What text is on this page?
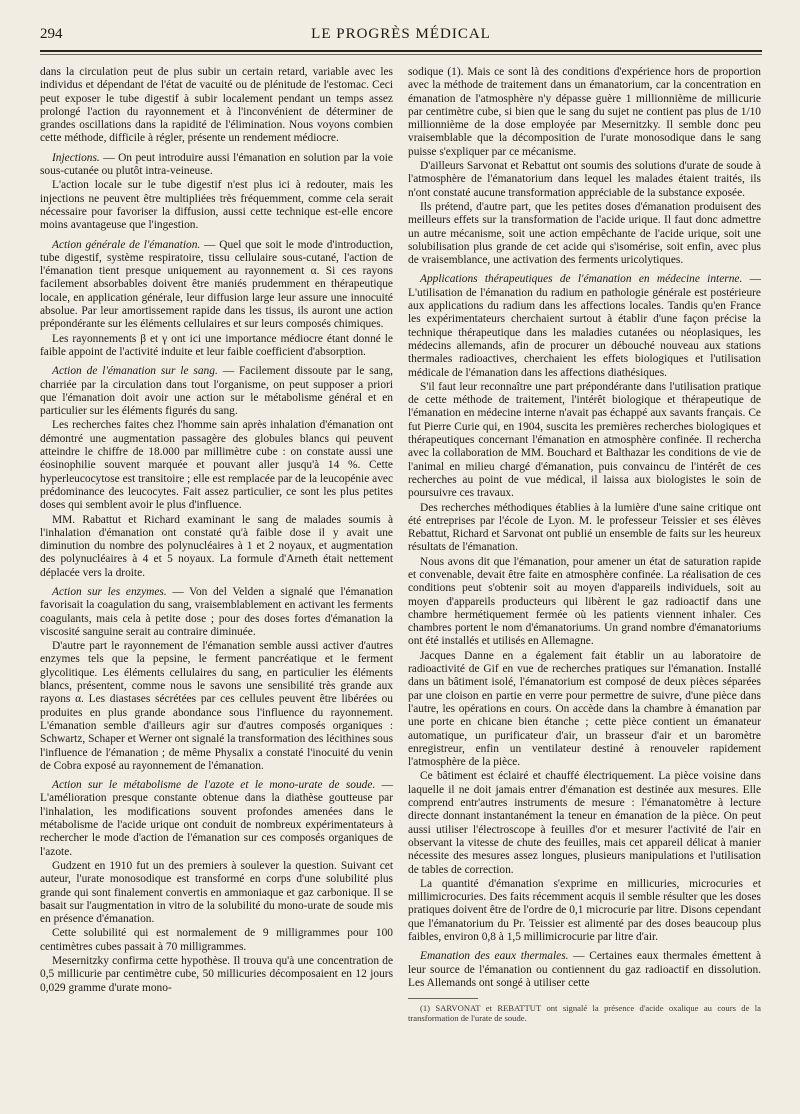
294	LE PROGRÈS MÉDICAL

dans la circulation peut de plus subir un certain retard, variable avec les individus et dépendant de l'état de vacuité ou de plénitude de l'estomac. Ceci peut exposer le tube digestif à subir localement pendant un temps assez prolongé l'action du rayonnement et à l'inconvénient de déterminer de grandes oscillations dans la rapidité de l'élimination. Nous voyons combien cette méthode, difficile à régler, présente un rendement médiocre.

Injections. — On peut introduire aussi l'émanation en solution par la voie sous-cutanée ou plutôt intra-veineuse.

L'action locale sur le tube digestif n'est plus ici à redouter, mais les injections ne peuvent être multipliées très fréquemment, comme cela serait nécessaire pour favoriser la diffusion, aussi cette technique est-elle encore moins avantageuse que l'ingestion.

Action générale de l'émanation. — Quel que soit le mode d'introduction, tube digestif, système respiratoire, tissu cellulaire sous-cutané, l'action de l'émanation tient presque uniquement au rayonnement α. Si ces rayons facilement absorbables doivent être maniés prudemment en thérapeutique locale, en application générale, leur diffusion large leur assure une innocuité absolue. Par leur amortissement rapide dans les tissus, ils auront une action prépondérante sur les éléments cellulaires et sur leurs composés chimiques.

Les rayonnements β et γ ont ici une importance médiocre étant donné le faible appoint de l'activité induite et leur faible coefficient d'absorption.

Action de l'émanation sur le sang. — Facilement dissoute par le sang, charriée par la circulation dans tout l'organisme, on peut supposer a priori que l'émanation doit avoir une action sur le métabolisme général et en particulier sur les éléments figurés du sang.

Les recherches faites chez l'homme sain après inhalation d'émanation ont démontré une augmentation passagère des globules blancs qui peuvent atteindre le chiffre de 18.000 par millimètre cube : on constate aussi une éosinophilie souvent marquée et pouvant aller jusqu'à 14 %. Cette hyperleucocytose est transitoire ; elle est remplacée par de la leucopénie avec prédominance des leucocytes. Fait assez particulier, ce sont les plus petites doses qui semblent avoir le plus d'influence.

MM. Rabattut et Richard examinant le sang de malades soumis à l'inhalation d'émanation ont constaté qu'à faible dose il y avait une diminution du nombre des polynucléaires à 1 et 2 noyaux, et augmentation des polynucléaires à 4 et 5 noyaux. La formule d'Arneth était nettement déplacée vers la droite.

Action sur les enzymes. — Von del Velden a signalé que l'émanation favorisait la coagulation du sang, vraisemblablement en activant les ferments coagulants, mais cela à petite dose ; pour des doses fortes d'émanation la viscosité sanguine serait au contraire diminuée.

D'autre part le rayonnement de l'émanation semble aussi activer d'autres enzymes tels que la pepsine, le ferment pancréatique et le ferment glycolitique. Les éléments cellulaires du sang, en particulier les éléments blancs, présentent, comme nous le savons une sensibilité très grande aux rayons α. Les diastases sécrétées par ces cellules peuvent être libérées ou produites en plus grande abondance sous l'influence du rayonnement. L'émanation semble d'ailleurs agir sur d'autres composés organiques : Schwartz, Schaper et Werner ont signalé la transformation des lécithines sous l'influence de l'émanation ; de même Physalix a constaté l'inocuité du venin de Cobra exposé au rayonnement de l'émanation.

Action sur le métabolisme de l'azote et le mono-urate de soude. — L'amélioration presque constante obtenue dans la diathèse goutteuse par l'inhalation, les modifications souvent profondes amenées dans le métabolisme de l'acide urique ont conduit de nombreux expérimentateurs à rechercher le mode d'action de l'émanation sur ces composés organiques de l'azote.

Gudzent en 1910 fut un des premiers à soulever la question. Suivant cet auteur, l'urate monosodique est transformé en corps d'une solubilité plus grande qui sont finalement convertis en ammoniaque et gaz carbonique. Il se basait sur l'augmentation in vitro de la solubilité du mono-urate de soude mis en présence d'émanation.

Cette solubilité qui est normalement de 9 milligrammes pour 100 centimètres cubes passait à 70 milligrammes.

Mesernitzky confirma cette hypothèse. Il trouva qu'à une concentration de 0,5 millicurie par centimètre cube, 50 millicuries décomposaient en 12 jours 0,029 gramme d'urate mono-

sodique (1). Mais ce sont là des conditions d'expérience hors de proportion avec la méthode de traitement dans un émanatorium, car la concentration en émanation de l'atmosphère n'y dépasse guère 1 millionnième de millicurie par centimètre cube, si bien que le sang du sujet ne contient pas plus de 1/10 millionnième de la dose employée par Mesernitzky. Il semble donc peu vraisemblable que la décomposition de l'urate monosodique dans le sang puisse s'expliquer par ce mécanisme.

D'ailleurs Sarvonat et Rebattut ont soumis des solutions d'urate de soude à l'atmosphère de l'émanatorium dans lequel les malades étaient traités, ils n'ont constaté aucune transformation appréciable de la substance exposée.

Ils prétend, d'autre part, que les petites doses d'émanation produisent des meilleurs effets sur la transformation de l'acide urique. Il faut donc admettre un autre mécanisme, soit une action empêchante de l'acide urique, soit une solubilisation plus grande de cet acide qui s'isomérise, soit enfin, avec plus de vraisemblance, une activation des ferments uricolytiques.

Applications thérapeutiques de l'émanation en médecine interne. — L'utilisation de l'émanation du radium en pathologie générale est postérieure aux applications du radium dans les affections locales. Tandis qu'en France les expérimentateurs cherchaient surtout à établir d'une façon précise la technique thérapeutique dans les maladies cutanées ou néoplasiques, les médecins allemands, afin de procurer un débouché nouveau aux stations thermales radioactives, cherchaient les effets biologiques et l'utilisation médicale de l'émanation dans les affections diathésiques.

S'il faut leur reconnaître une part prépondérante dans l'utilisation pratique de cette méthode de traitement, l'intérêt biologique et thérapeutique de l'émanation en médecine interne n'avait pas échappé aux savants français. Ce fut Pierre Curie qui, en 1904, suscita les premières recherches biologiques et thérapeutiques concernant l'émanation en atmosphère confinée. Il rechercha avec la collaboration de MM. Bouchard et Balthazar les conditions de vie de l'animal en milieu chargé d'émanation, puis convaincu de l'intérêt de ces recherches au point de vue médical, il laissa aux biologistes le soin de poursuivre ces travaux.

Des recherches méthodiques établies à la lumière d'une saine critique ont été entreprises par l'école de Lyon. M. le professeur Teissier et ses élèves Rebattut, Richard et Sarvonat ont publié un ensemble de faits sur les heureux résultats de l'émanation.

Nous avons dit que l'émanation, pour amener un état de saturation rapide et convenable, devait être faite en atmosphère confinée. La réalisation de ces conditions peut s'obtenir soit au moyen d'appareils individuels, soit au moyen d'appareils producteurs qui libèrent le gaz radioactif dans une chambre hermétiquement fermée où les patients viennent inhaler. Ces chambres portent le nom d'émanatoriums. Un grand nombre d'émanatoriums ont été installés et utilisés en Allemagne.

Jacques Danne en a également fait établir un au laboratoire de radioactivité de Gif en vue de recherches pratiques sur l'émanation. Installé dans un bâtiment isolé, l'émanatorium est composé de deux pièces séparées par une cloison en partie en verre pour permettre de suivre, d'une pièce dans l'autre, les opérations en cours. On accède dans la chambre à émanation par une porte en chicane bien étanche ; cette pièce contient un émanateur automatique, un purificateur d'air, un brasseur d'air et un baromètre enregistreur, enfin un ventilateur destiné à renouveler rapidement l'atmosphère de la pièce.

Ce bâtiment est éclairé et chauffé électriquement. La pièce voisine dans laquelle il ne doit jamais entrer d'émanation est destinée aux mesures. Elle comprend entr'autres instruments de mesure : l'émanatomètre à lecture directe donnant instantanément la teneur en émanation de la pièce. On peut aussi utiliser l'électroscope à feuilles d'or et mesurer l'activité de l'air en observant la vitesse de chute des feuilles, mais cet appareil délicat à manier nécessite des mesures assez longues, plusieurs manipulations et l'utilisation de tables de correction.

La quantité d'émanation s'exprime en millicuries, microcuries et millimicrocuries. Des faits récemment acquis il semble résulter que les doses pratiques doivent être de l'ordre de 0,1 microcurie par litre. Disons cependant que l'émanatorium du Pr. Teissier est alimenté par des doses beaucoup plus faibles, environ 0,8 à 1,5 millimicrocurie par litre d'air.

Emanation des eaux thermales. — Certaines eaux thermales émettent à leur source de l'émanation ou contiennent du gaz radioactif en dissolution. Les Allemands ont songé à utiliser cette

(1) SARVONAT et REBATTUT ont signalé la présence d'acide oxalique au cours de la transformation de l'urate de soude.
